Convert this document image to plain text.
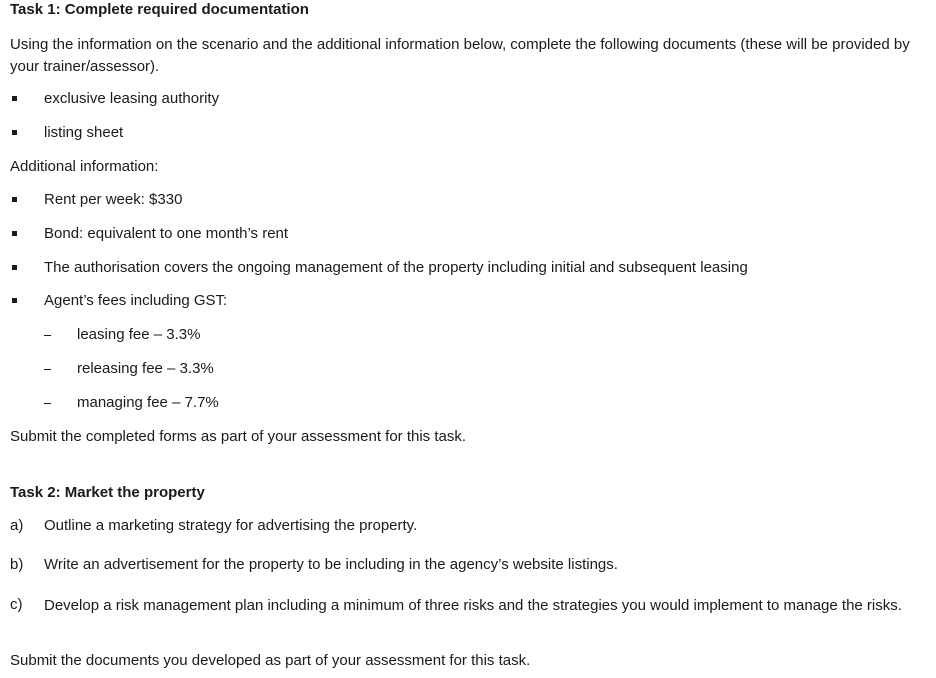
Task 1: Complete required documentation
Using the information on the scenario and the additional information below, complete the following documents (these will be provided by your trainer/assessor).
exclusive leasing authority
listing sheet
Additional information:
Rent per week: $330
Bond: equivalent to one month’s rent
The authorisation covers the ongoing management of the property including initial and subsequent leasing
Agent’s fees including GST:
leasing fee – 3.3%
releasing fee – 3.3%
managing fee – 7.7%
Submit the completed forms as part of your assessment for this task.
Task 2: Market the property
a) Outline a marketing strategy for advertising the property.
b) Write an advertisement for the property to be including in the agency’s website listings.
c) Develop a risk management plan including a minimum of three risks and the strategies you would implement to manage the risks.
Submit the documents you developed as part of your assessment for this task.
